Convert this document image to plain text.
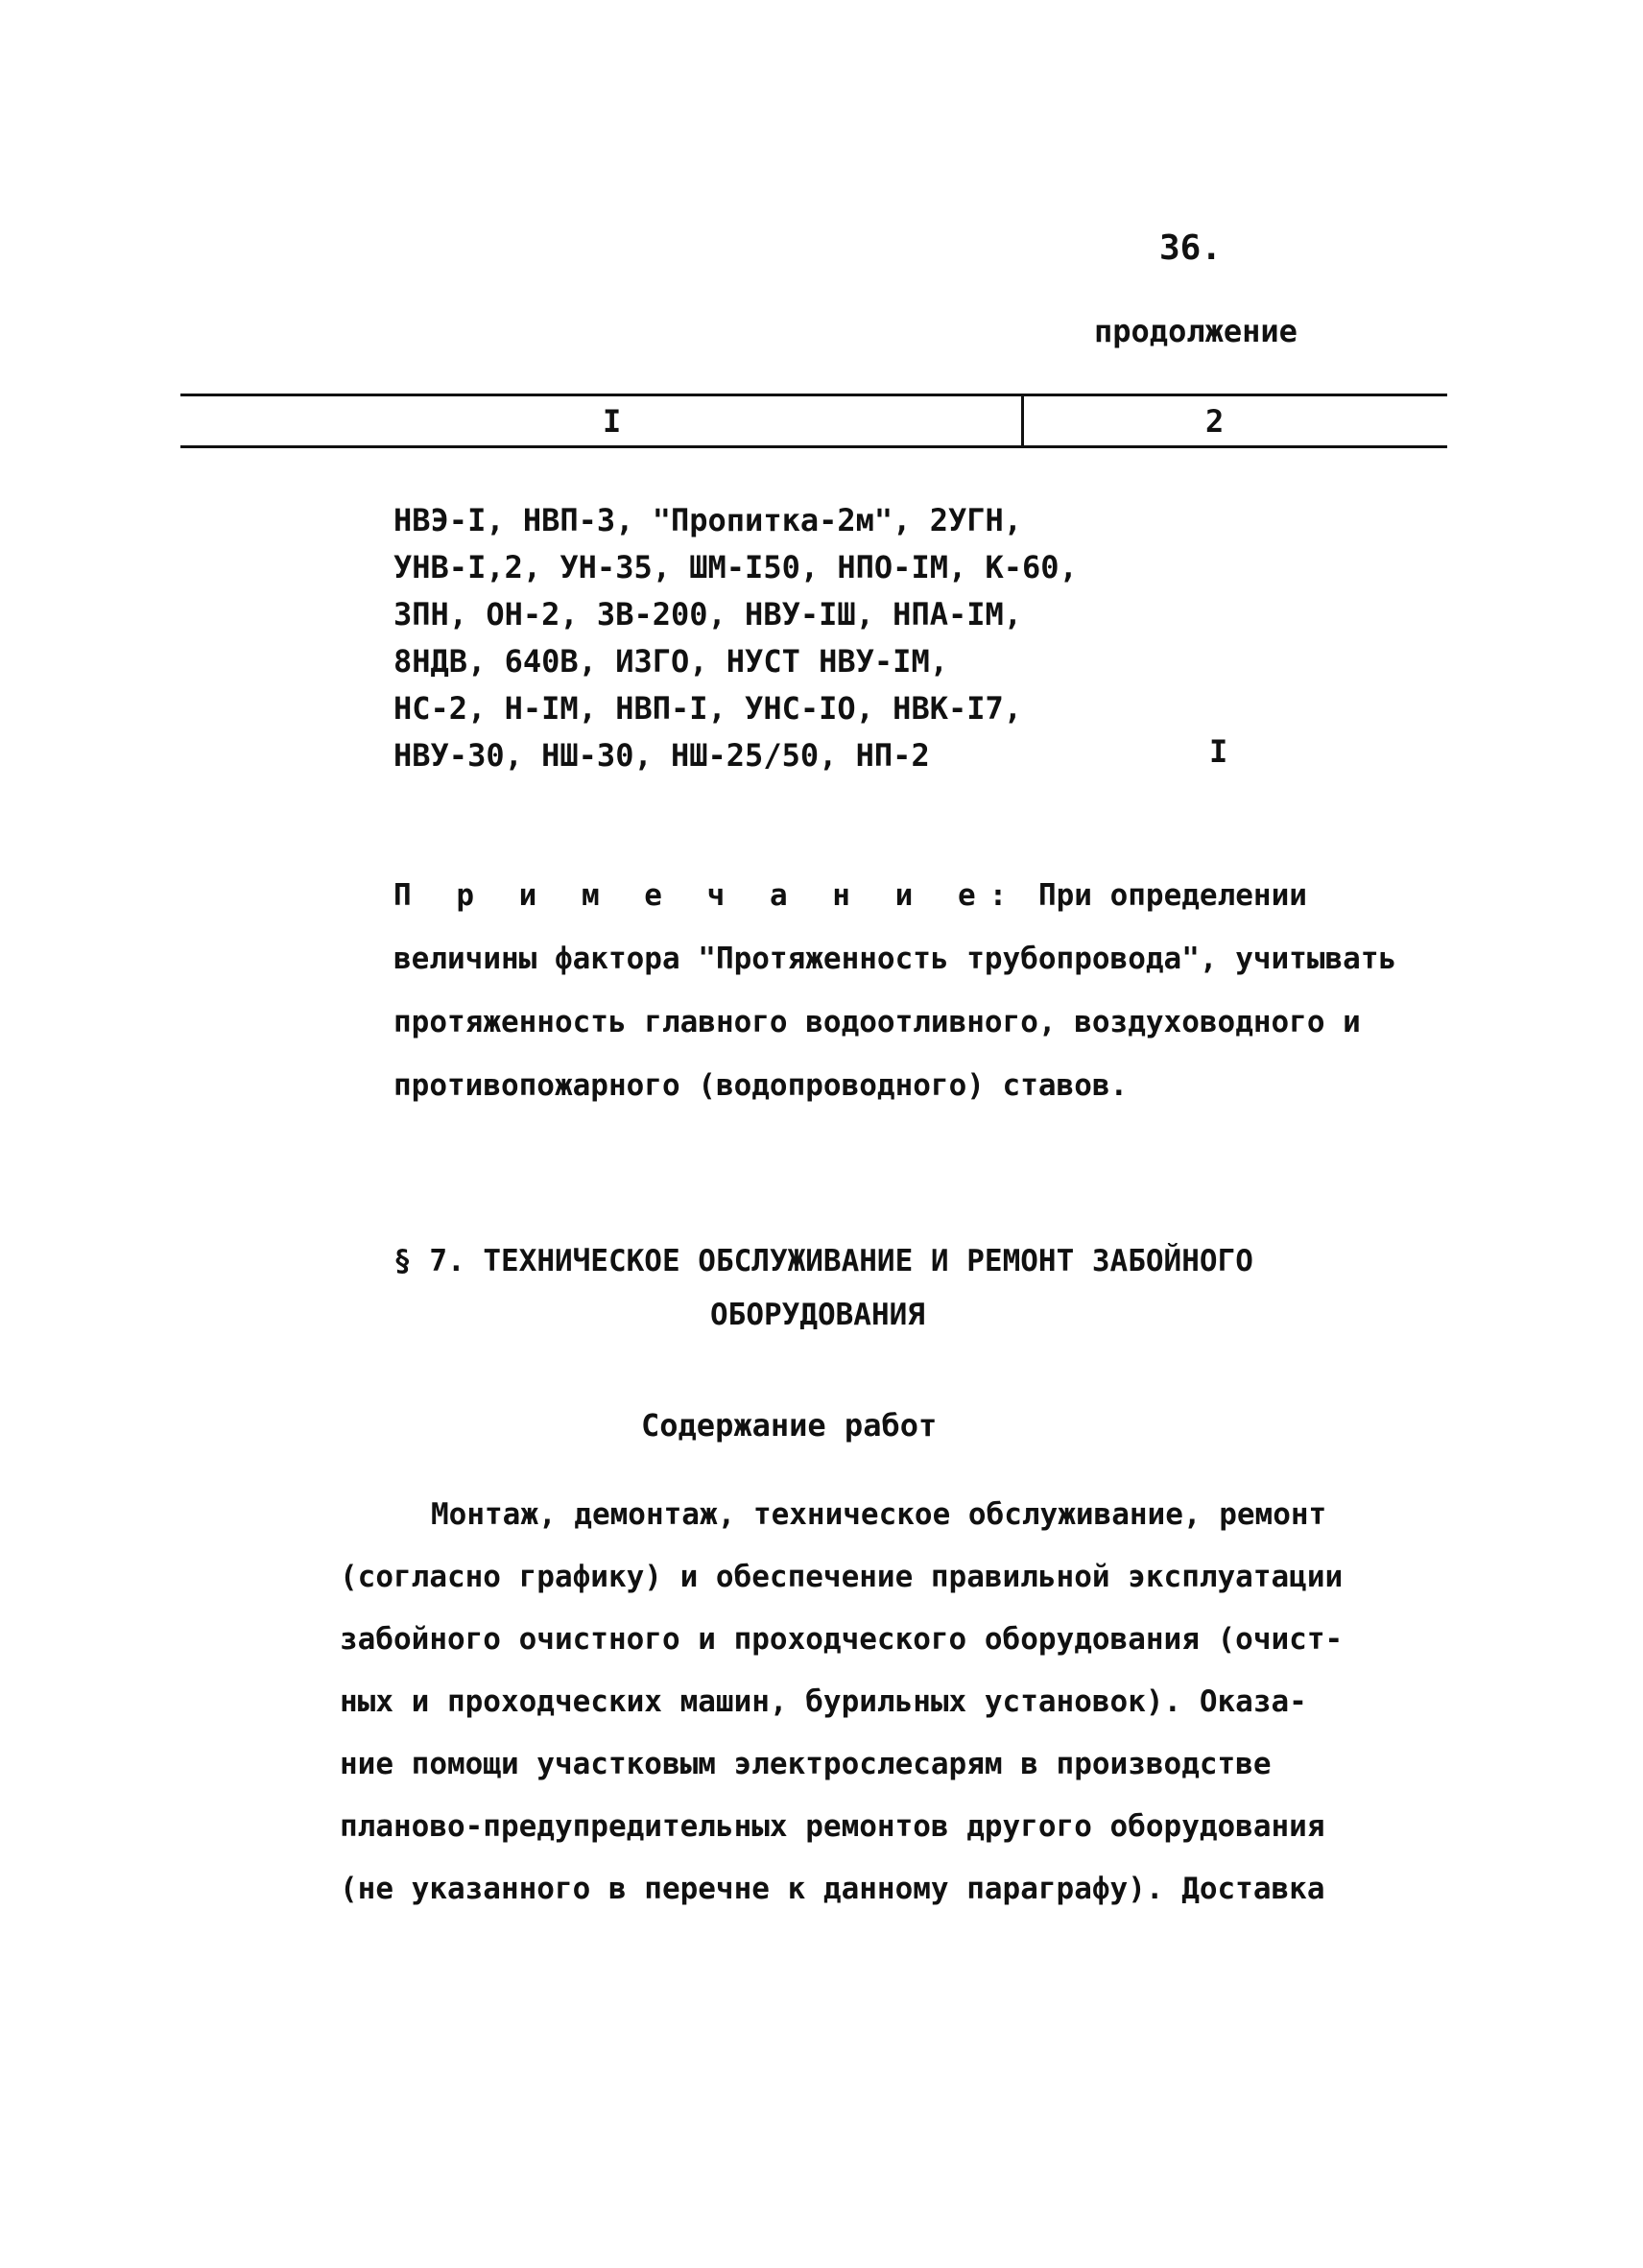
36.
продолжение
I	2
НВЭ-I, НВП-3, "Пропитка-2м", 2УГН,
УНВ-I,2, УН-35, ШМ-I50, НПО-IМ, К-60,
3ПН, ОН-2, 3В-200, НВУ-IШ, НПА-IМ,
8НДВ, 640В, И3ГО, НУСТ НВУ-IМ,
НС-2, Н-IМ, НВП-I, УНС-IО, НВК-I7,
НВУ-30, НШ-30, НШ-25/50, НП-2	I
П р и м е ч а н и е: При определении величины фактора "Протяженность трубопровода", учитывать протяженность главного водоотливного, воздуховодного и противопожарного (водопроводного) ставов.
§ 7. ТЕХНИЧЕСКОЕ ОБСЛУЖИВАНИЕ И РЕМОНТ ЗАБОЙНОГО
ОБОРУДОВАНИЯ
Содержание работ
Монтаж, демонтаж, техническое обслуживание, ремонт
(согласно графику) и обеспечение правильной эксплуатации
забойного очистного и проходческого оборудования (очист-
ных и проходческих машин, бурильных установок). Оказа-
ние помощи участковым электрослесарям в производстве
планово-предупредительных ремонтов другого оборудования
(не указанного в перечне к данному параграфу). Доставка
